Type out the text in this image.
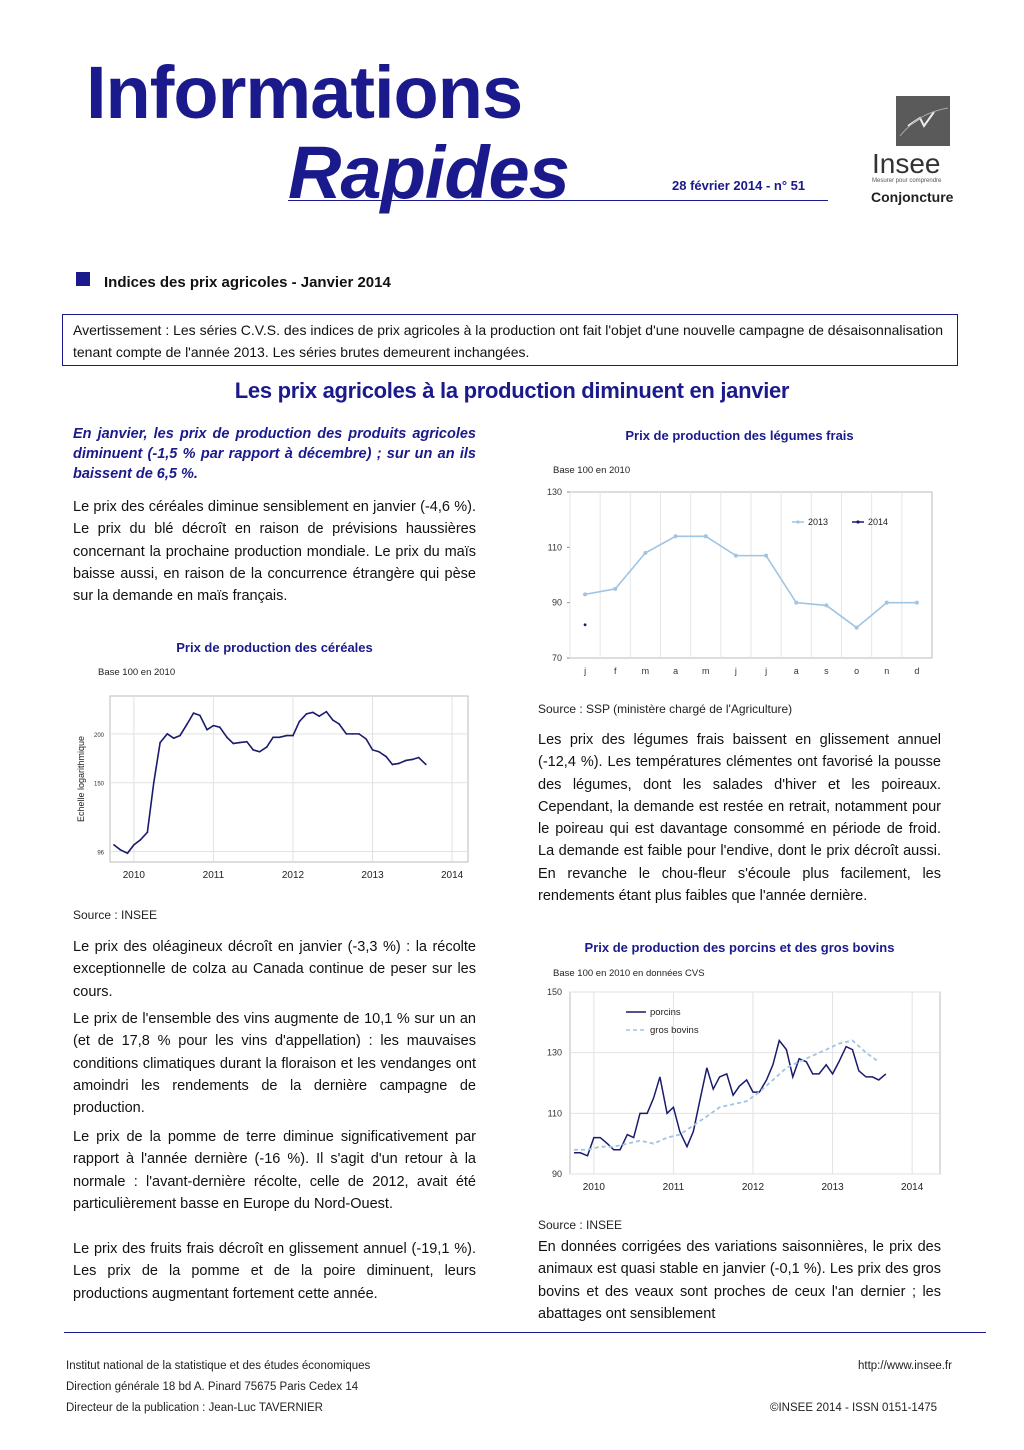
Informations
Rapides	28 février 2014 - n° 51
Insee
Mesurer pour comprendre
Conjoncture
Indices des prix agricoles - Janvier 2014
Avertissement : Les séries C.V.S. des indices de prix agricoles à la production ont fait l'objet d'une nouvelle campagne de désaisonnalisation tenant compte de l'année 2013. Les séries brutes demeurent inchangées.
Les prix agricoles à la production diminuent en janvier
En janvier, les prix de production des produits agricoles diminuent (-1,5 % par rapport à décembre) ; sur un an ils baissent de 6,5 %.
Le prix des céréales diminue sensiblement en janvier (-4,6 %). Le prix du blé décroît en raison de prévisions haussières concernant la prochaine production mondiale. Le prix du maïs baisse aussi, en raison de la concurrence étrangère qui pèse sur la demande en maïs français.
Prix de production des céréales
Base 100 en 2010
96
150
200
2010	2011	2012	2013	2014
Echelle logarithmique
Source : INSEE
Le prix des oléagineux décroît en janvier (-3,3 %) : la récolte exceptionnelle de colza au Canada continue de peser sur les cours.
Le prix de l'ensemble des vins augmente de 10,1 % sur un an (et de 17,8 % pour les vins d'appellation) : les mauvaises conditions climatiques durant la floraison et les vendanges ont amoindri les rendements de la dernière campagne de production.
Le prix de la pomme de terre diminue significativement par rapport à l'année dernière (-16 %). Il s'agit d'un retour à la normale : l'avant-dernière récolte, celle de 2012, avait été particulièrement basse en Europe du Nord-Ouest.
Le prix des fruits frais décroît en glissement annuel (-19,1 %). Les prix de la pomme et de la poire diminuent, leurs productions augmentant fortement cette année.
Prix de production des légumes frais
Base 100 en 2010
70
90
110
130
j	f	m	a	m	j	j	a	s	o	n	d
2013	2014
Source : SSP (ministère chargé de l'Agriculture)
Les prix des légumes frais baissent en glissement annuel (-12,4 %). Les températures clémentes ont favorisé la pousse des légumes, dont les salades d'hiver et les poireaux. Cependant, la demande est restée en retrait, notamment pour le poireau qui est davantage consommé en période de froid. La demande est faible pour l'endive, dont le prix décroît aussi. En revanche le chou-fleur s'écoule plus facilement, les rendements étant plus faibles que l'année dernière.
Prix de production des porcins et des gros bovins
Base 100 en 2010 en données CVS
90
110
130
150
2010	2011	2012	2013	2014
porcins
gros bovins
Source : INSEE
En données corrigées des variations saisonnières, le prix des animaux est quasi stable en janvier (-0,1 %). Les prix des gros bovins et des veaux sont proches de ceux l'an dernier ; les abattages ont sensiblement
Institut national de la statistique et des études économiques
Direction générale 18 bd A. Pinard 75675 Paris Cedex 14
Directeur de la publication : Jean-Luc TAVERNIER
http://www.insee.fr
©INSEE 2014 - ISSN 0151-1475
